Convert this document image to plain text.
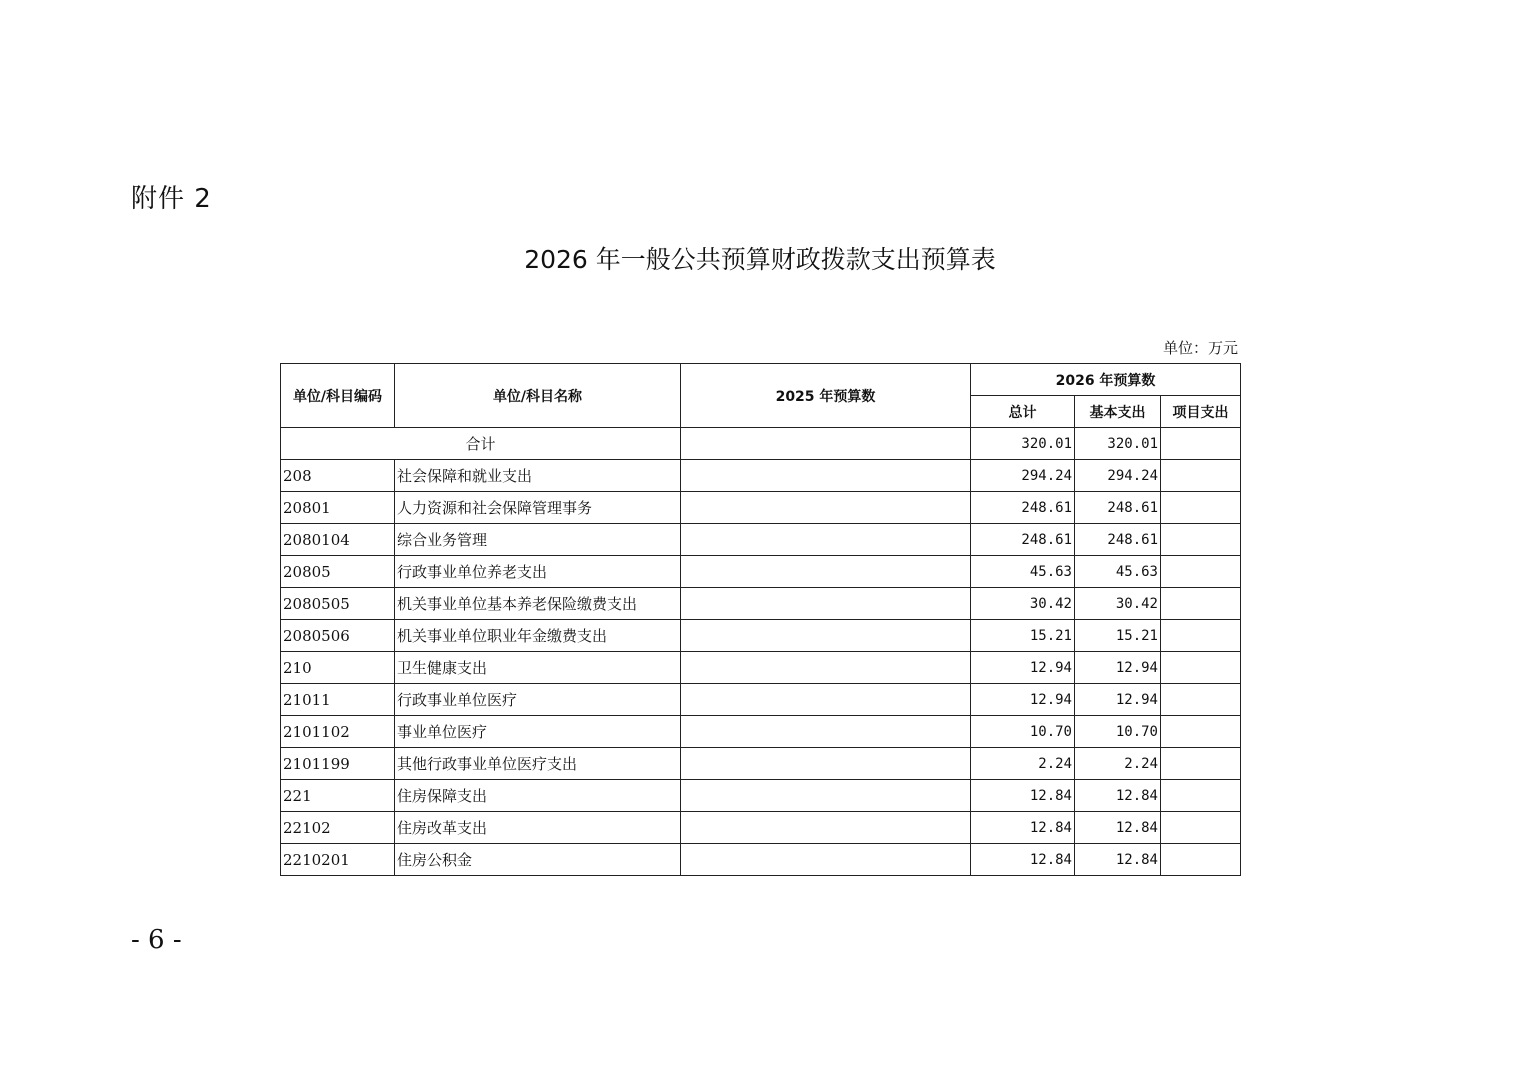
附件 2
2026 年一般公共预算财政拨款支出预算表
单位：万元
单位/科目编码	单位/科目名称	2025 年预算数	2026 年预算数		
			总计	基本支出	项目支出
合计			320.01	320.01	
208	社会保障和就业支出		294.24	294.24	
20801	人力资源和社会保障管理事务		248.61	248.61	
2080104	综合业务管理		248.61	248.61	
20805	行政事业单位养老支出		45.63	45.63	
2080505	机关事业单位基本养老保险缴费支出		30.42	30.42	
2080506	机关事业单位职业年金缴费支出		15.21	15.21	
210	卫生健康支出		12.94	12.94	
21011	行政事业单位医疗		12.94	12.94	
2101102	事业单位医疗		10.70	10.70	
2101199	其他行政事业单位医疗支出		2.24	2.24	
221	住房保障支出		12.84	12.84	
22102	住房改革支出		12.84	12.84	
2210201	住房公积金		12.84	12.84	
- 6 -
